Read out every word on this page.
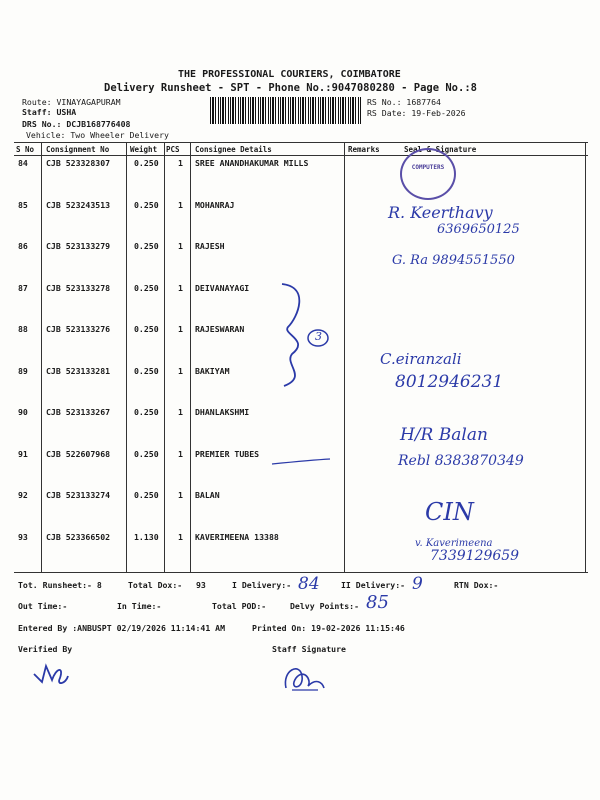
THE PROFESSIONAL COURIERS, COIMBATORE
Delivery Runsheet - SPT - Phone No.:9047080280 - Page No.:8
Route: VINAYAGAPURAM
Staff: USHA
DRS No.: DCJB168776408
Vehicle: Two Wheeler Delivery
RS No.: 1687764
RS Date: 19-Feb-2026
S No Consignment No	Weight PCS Consignee Details	Remarks	Seal & Signature
84 CJB 523328307	0.250 1 SREE ANANDHAKUMAR MILLS
85 CJB 523243513	0.250 1 MOHANRAJ
86 CJB 523133279	0.250 1 RAJESH
87 CJB 523133278	0.250 1 DEIVANAYAGI
88 CJB 523133276	0.250 1 RAJESWARAN
89 CJB 523133281	0.250 1 BAKIYAM
90 CJB 523133267	0.250 1 DHANLAKSHMI
91 CJB 522607968	0.250 1 PREMIER TUBES
92 CJB 523133274	0.250 1 BALAN
93 CJB 523366502	1.130 1 KAVERIMEENA 13388
COMPUTERS
R. Keerthavy
6369650125
G. Ra 9894551550
3
C.eiranzali
8012946231
H/R Balan
Rebl 8383870349
CIN
v. Kaverimeena
7339129659
Tot. Runsheet:- 8	Total Dox:- 93	I Delivery:- 84	II Delivery:- 9	RTN Dox:-
Out Time:-	In Time:-	Total POD:-	Delvy Points:- 85
Entered By :ANBUSPT 02/19/2026 11:14:41 AM	Printed On: 19-02-2026 11:15:46
Verified By	Staff Signature
